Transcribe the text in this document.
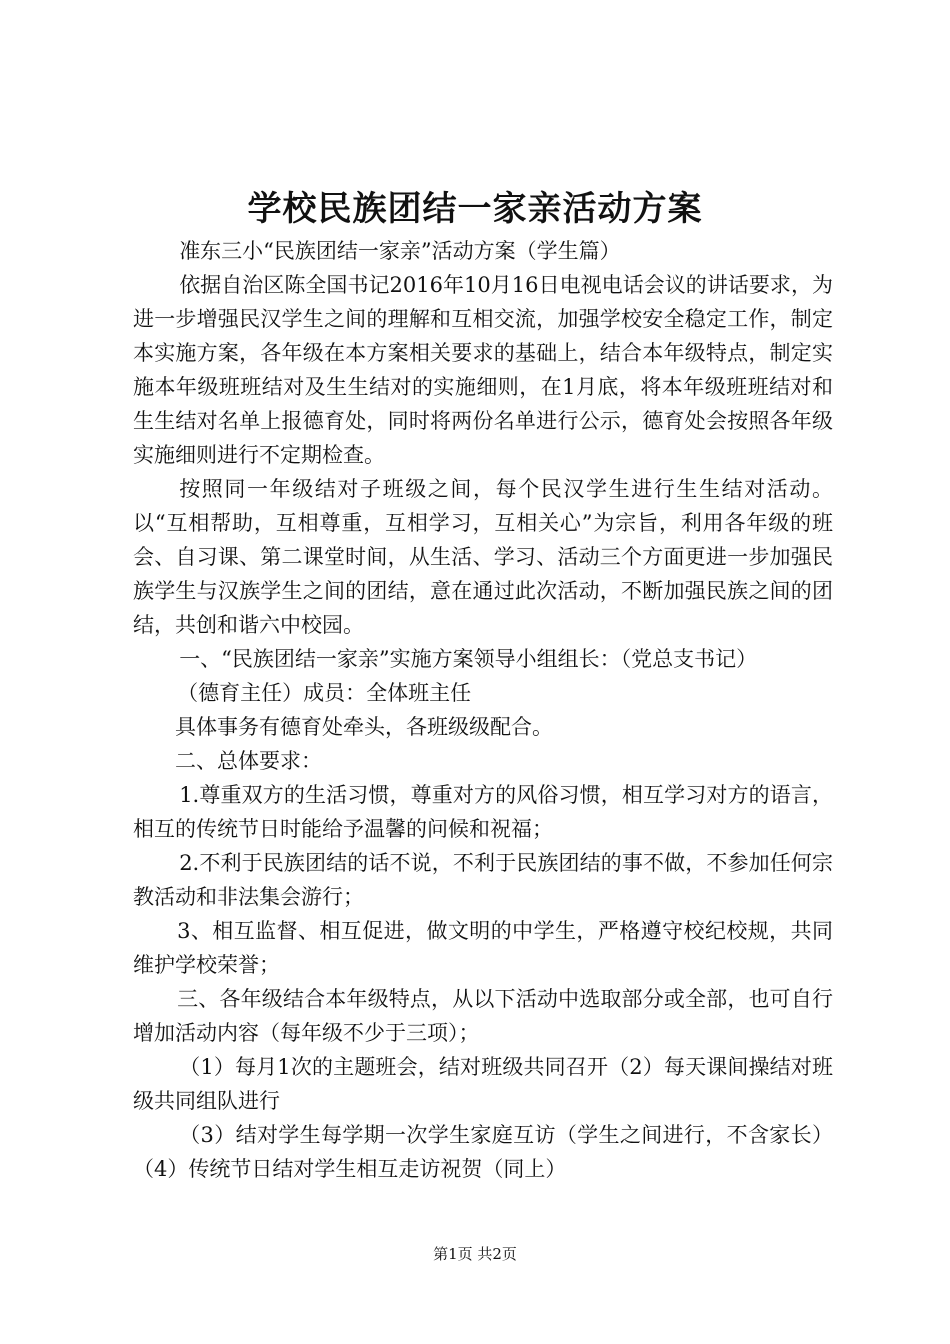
学校民族团结一家亲活动方案

准东三小“民族团结一家亲”活动方案（学生篇）

依据自治区陈全国书记2016年10月16日电视电话会议的讲话要求，为进一步增强民汉学生之间的理解和互相交流，加强学校安全稳定工作，制定本实施方案，各年级在本方案相关要求的基础上，结合本年级特点，制定实施本年级班班结对及生生结对的实施细则，在1月底，将本年级班班结对和生生结对名单上报德育处，同时将两份名单进行公示，德育处会按照各年级实施细则进行不定期检查。

按照同一年级结对子班级之间，每个民汉学生进行生生结对活动。以“互相帮助，互相尊重，互相学习，互相关心”为宗旨，利用各年级的班会、自习课、第二课堂时间，从生活、学习、活动三个方面更进一步加强民族学生与汉族学生之间的团结，意在通过此次活动，不断加强民族之间的团结，共创和谐六中校园。

一、“民族团结一家亲”实施方案领导小组组长：（党总支书记）

（德育主任）成员：全体班主任

具体事务有德育处牵头，各班级级配合。

二、总体要求：

1.尊重双方的生活习惯，尊重对方的风俗习惯，相互学习对方的语言，相互的传统节日时能给予温馨的问候和祝福；

2.不利于民族团结的话不说，不利于民族团结的事不做，不参加任何宗教活动和非法集会游行；

3、相互监督、相互促进，做文明的中学生，严格遵守校纪校规，共同维护学校荣誉；

三、各年级结合本年级特点，从以下活动中选取部分或全部，也可自行增加活动内容（每年级不少于三项）；

（1）每月1次的主题班会，结对班级共同召开（2）每天课间操结对班级共同组队进行

（3）结对学生每学期一次学生家庭互访（学生之间进行，不含家长）（4）传统节日结对学生相互走访祝贺（同上）

第1页 共2页
